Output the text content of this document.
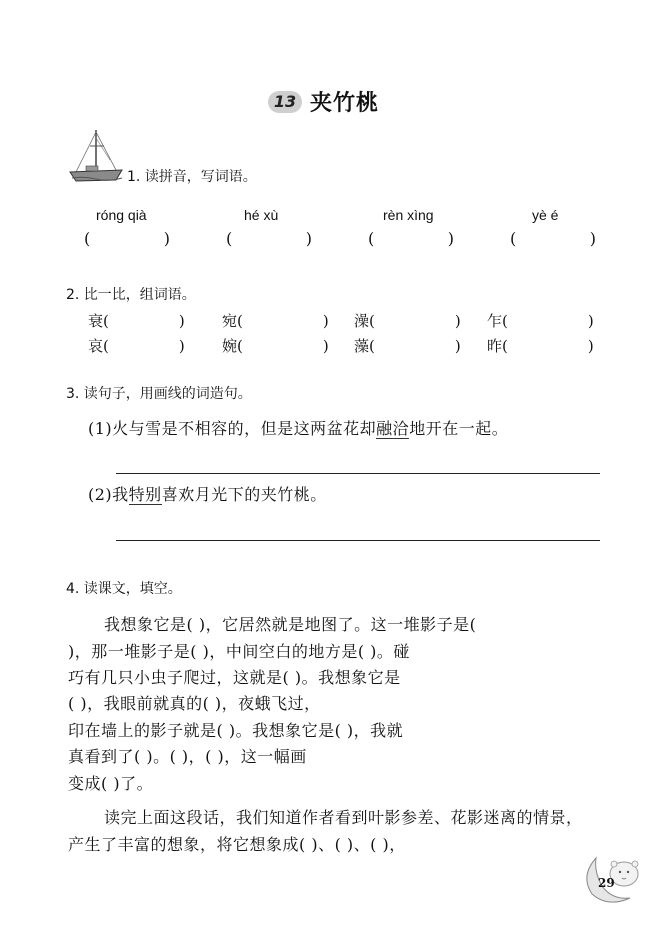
13 夹竹桃
1. 读拼音，写词语。
róng qià	hé xù	rèn xìng	yè é
(	)	(	)	(	)	(	)
2. 比一比，组词语。
衰(	) 宛(	) 澡(	) 乍(	)
哀(	) 婉(	) 藻(	) 昨(	)
3. 读句子，用画线的词造句。
(1)火与雪是不相容的，但是这两盆花却融洽地开在一起。
(2)我特别喜欢月光下的夹竹桃。
4. 读课文，填空。
我想象它是( )，它居然就是地图了。这一堆影子是(
)，那一堆影子是( )，中间空白的地方是( )。碰
巧有几只小虫子爬过，这就是( )。我想象它是
( )，我眼前就真的( )，夜蛾飞过，
印在墙上的影子就是( )。我想象它是( )，我就
真看到了( )。( )，( )，这一幅画
变成( )了。
读完上面这段话，我们知道作者看到叶影参差、花影迷离的情景，
产生了丰富的想象，将它想象成( )、( )、( )，
29
